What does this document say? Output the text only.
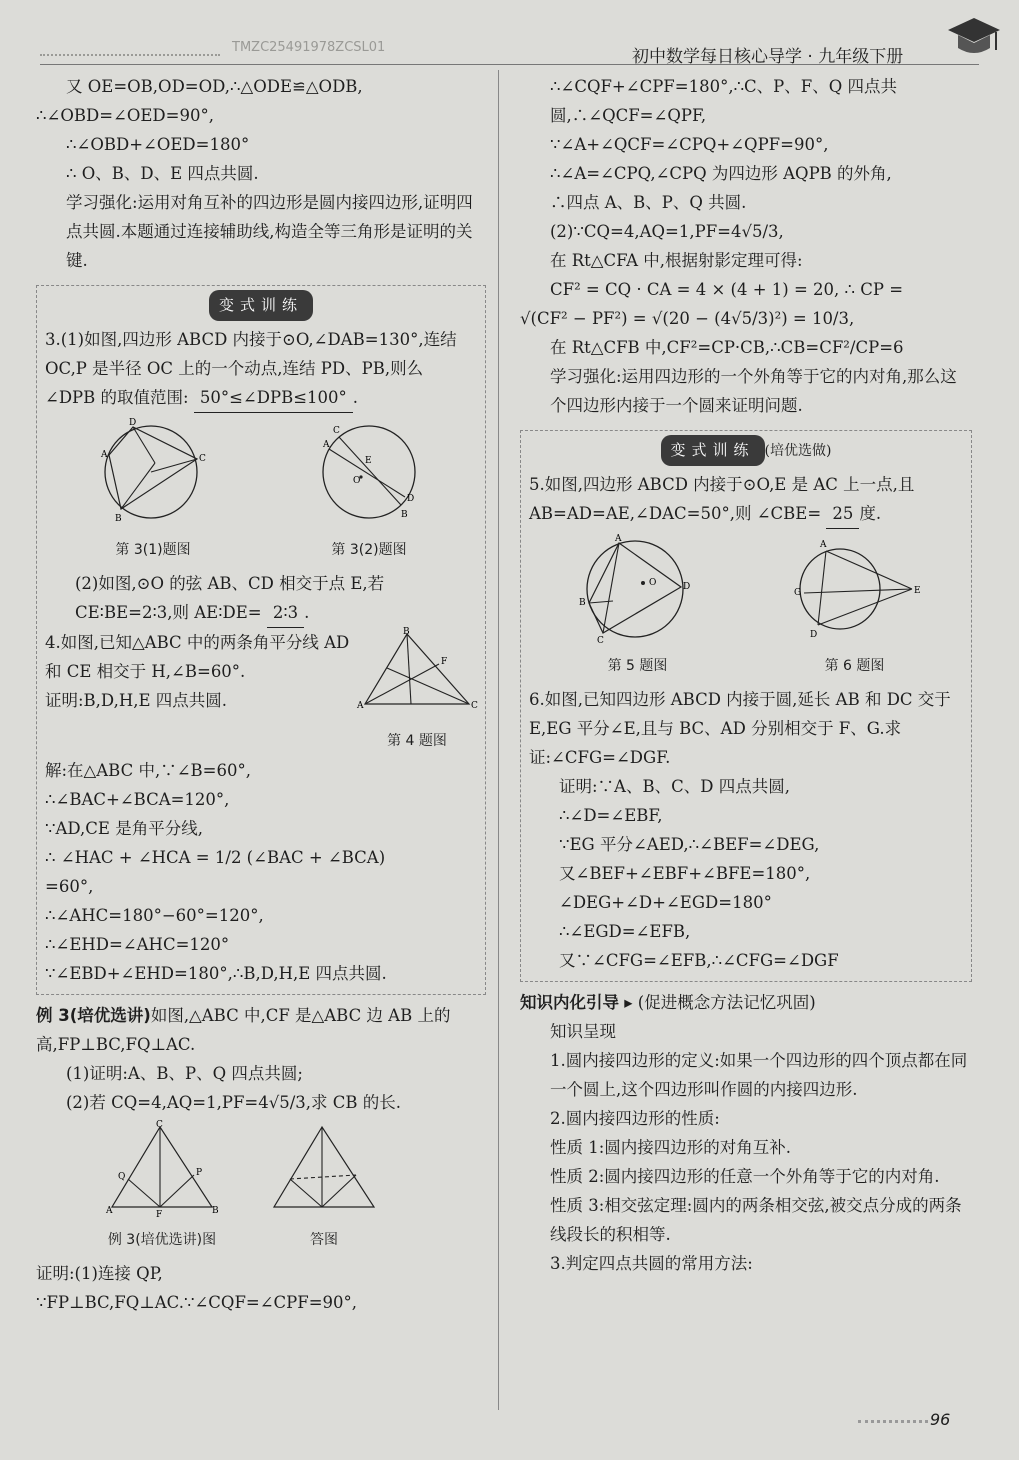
TMZC25491978ZCSL01	初中数学每日核心导学 · 九年级下册
又 OE=OB,OD=OD,∴△ODE≌△ODB,
∴∠OBD=∠OED=90°,
∴∠OBD+∠OED=180°
∴ O、B、D、E 四点共圆.
学习强化:运用对角互补的四边形是圆内接四边形,证明四点共圆.本题通过连接辅助线,构造全等三角形是证明的关键.
变式训练
3.(1)如图,四边形 ABCD 内接于⊙O,∠DAB=130°,连结 OC,P 是半径 OC 上的一个动点,连结 PD、PB,则么 ∠DPB 的取值范围: 50°≤∠DPB≤100° .
D
A
B
C
第 3(1)题图
A
C
D
B
E
O
第 3(2)题图
(2)如图,⊙O 的弦 AB、CD 相交于点 E,若 CE∶BE=2∶3,则 AE∶DE= 2∶3 .
4.如图,已知△ABC 中的两条角平分线 AD 和 CE 相交于 H,∠B=60°.
证明:B,D,H,E 四点共圆.
B
A	C
F
第 4 题图
解:在△ABC 中,∵∠B=60°,
∴∠BAC+∠BCA=120°,
∵AD,CE 是角平分线,
∴ ∠HAC + ∠HCA = 1/2 (∠BAC + ∠BCA)
=60°,
∴∠AHC=180°−60°=120°,
∴∠EHD=∠AHC=120°
∵∠EBD+∠EHD=180°,∴B,D,H,E 四点共圆.
例 3(培优选讲)如图,△ABC 中,CF 是△ABC 边 AB 上的高,FP⊥BC,FQ⊥AC.
(1)证明:A、B、P、Q 四点共圆;
(2)若 CQ=4,AQ=1,PF=4√5/3,求 CB 的长.
C
A	B
F
Q	P
例 3(培优选讲)图	答图
证明:(1)连接 QP,
∵FP⊥BC,FQ⊥AC.∵∠CQF=∠CPF=90°,
∴∠CQF+∠CPF=180°,∴C、P、F、Q 四点共圆,∴∠QCF=∠QPF,
∵∠A+∠QCF=∠CPQ+∠QPF=90°,
∴∠A=∠CPQ,∠CPQ 为四边形 AQPB 的外角,
∴四点 A、B、P、Q 共圆.
(2)∵CQ=4,AQ=1,PF=4√5/3,
在 Rt△CFA 中,根据射影定理可得:
CF² = CQ · CA = 4 × (4 + 1) = 20, ∴ CP =
√(CF² − PF²) = √(20 − (4√5/3)²) = 10/3,
在 Rt△CFB 中,CF²=CP·CB,∴CB=CF²/CP=6
学习强化:运用四边形的一个外角等于它的内对角,那么这个四边形内接于一个圆来证明问题.
变式训练 (培优选做)
5.如图,四边形 ABCD 内接于⊙O,E 是 AC 上一点,且 AB=AD=AE,∠DAC=50°,则 ∠CBE= 25 度.
A
B
C
D
O
第 5 题图
A
G
D
E
第 6 题图
6.如图,已知四边形 ABCD 内接于圆,延长 AB 和 DC 交于E,EG 平分∠E,且与 BC、AD 分别相交于 F、G.求证:∠CFG=∠DGF.
证明:∵A、B、C、D 四点共圆,
∴∠D=∠EBF,
∵EG 平分∠AED,∴∠BEF=∠DEG,
又∠BEF+∠EBF+∠BFE=180°,
∠DEG+∠D+∠EGD=180°
∴∠EGD=∠EFB,
又∵∠CFG=∠EFB,∴∠CFG=∠DGF
知识内化引导 ▸ (促进概念方法记忆巩固)
知识呈现
1.圆内接四边形的定义:如果一个四边形的四个顶点都在同一个圆上,这个四边形叫作圆的内接四边形.
2.圆内接四边形的性质:
性质 1:圆内接四边形的对角互补.
性质 2:圆内接四边形的任意一个外角等于它的内对角.
性质 3:相交弦定理:圆内的两条相交弦,被交点分成的两条线段长的积相等.
3.判定四点共圆的常用方法:
96
